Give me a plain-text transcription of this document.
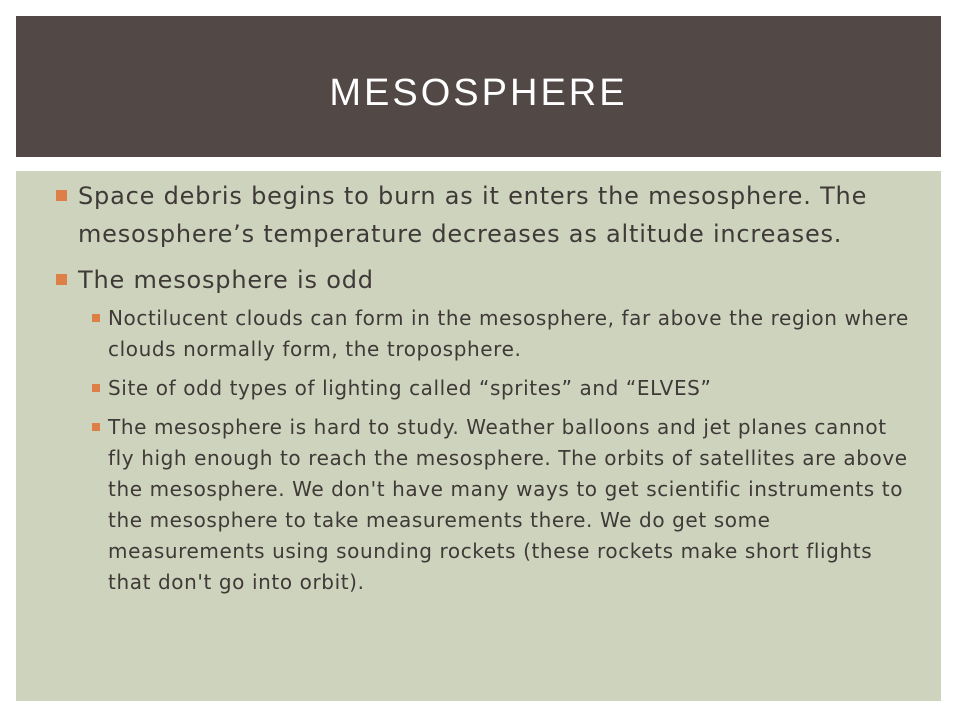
MESOSPHERE
Space debris begins to burn as it enters the mesosphere. The mesosphere’s temperature decreases as altitude increases.
The mesosphere is odd
Noctilucent clouds can form in the mesosphere, far above the region where clouds normally form, the troposphere.
Site of odd types of lighting called “sprites” and “ELVES”
The mesosphere is hard to study. Weather balloons and jet planes cannot fly high enough to reach the mesosphere. The orbits of satellites are above the mesosphere. We don't have many ways to get scientific instruments to the mesosphere to take measurements there. We do get some measurements using sounding rockets (these rockets make short flights that don't go into orbit).
